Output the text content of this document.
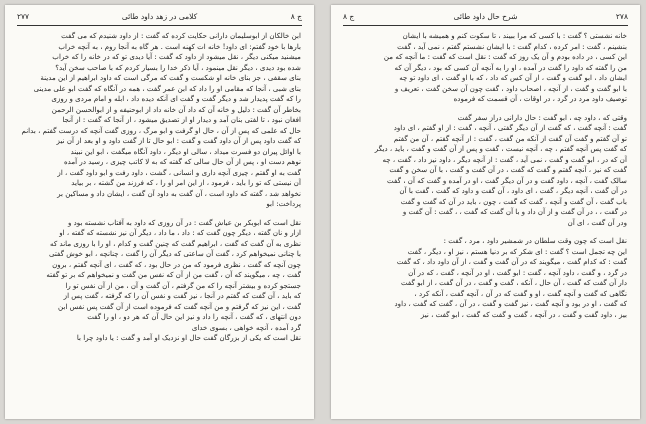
ج ۸
کلامی در زهد داود طائی
۲۷۷
ابن خالکان از ابوسلیمان دارانی حکایت کرده که گفت : از داود شنیدم که می گفت
بارها با خود گفتم: ای داود! خانه ات کهنه است . هر گاه به آنجا روم ، به آنچه خراب
میشنید میکنی دیگر ، نقل میشود از داود که گفت : آیا دیدی تو که در خانه را که خراب
شده بود دیدی ، دیگر نقل مینمود ، آیا ذکر خدا را بسیار کردم که با صاحب سخن آید؟
بنای سقفی ، جز بنای خانه او شکست و گفت که مرگی است که داود ابراهیم از این مدینة
بنای شبی ، آنجا که مقامی او را داد که ابن عمر گفت ، همه در آنگاه که گفت ابو علی مدینی
را که گفت پدیدار شد و دیگر گفت و گفت ای آنکه دیده داد ، ابله و امام مردی و روزی
بخاطر آن گفت : دلیل و خانه آن که داد آن خانه داد از ابوحنیفه و از ابوالحسن الرحمن
افغان نبود ، تا لفتی بنان آمد و دیدار او از تصدیق میشود ، از آنجا که گفت : از آنجا
حال که علمی که پس از آن ، حال او گرفت و ابو مرگ ، روزی گفت آنچه که درست گفتم ، بدانم
که گفت داود پس از آن داود گفت و گفت : ابو حال تا از گفت داود و او بعد از آن نیز
با اوائل پیران دو فسرت میداد ، سالی او دیگر ، داود آنگاه میگفت ، ابو این نبیند
نوهم دست او ، پس از آن حال سالی که گفته که به لا کاتب چیزی ، رسید در آمده
گفت به او گفتم ، چیزی آنچه داری و انسانی ، گشت ، داود رفت و ابو داود گفت ، از
آن نیستی که تو را باید ، فرمود ، از این امر او را ، که فرزند من گشته ، بر بیاید
نخواهد شد ، گفته که داود است ، آن گفت به داود آن گفت ، ایشان داد و مساکین بر
پرداخت: ابو
نقل است که ابوبکر بن عیاش گفت : در آن روزی که داود به آفتاب نشسته بود و
ازار و نان گفته ، دیگر چون گفت که : داد ، ما داد ، دیگر آن نیز نشسته که گفته ، او
نظری به آن گفت که گفت ، ابراهیم گفت که چنین گفت و کدام ، او را با روزی ماند که
با چنانی نمیخواهم کرد ، گفت آن ساعتی که دیگر آن را گفت ، چنانچه ، ابو خوش گفتی
چون آنچه که گفت ، نظری فرمود که من در حال بود ، که گفت ، ای آنچه گفتم ، برون
گفت ، چه ، میگویند که آن ، گفت من از آن که نفس من گفت و نمیخواهم که بر تو گفته
جستجو کرده و بیشتر آنچه را که من گرفتم ، آن گفت و آن ، من از آن نفس تو را
که باید ، آن گفت که گفتم در آنجا ، نیز گفت و نفس آن را که گرفته ، گفت پس از
گفت ، این نیز که گرفتم و من آنچه گفت که فرموده است از آن گفت پس نفس ابن
دون انتهای ، که گفت ، آنچه را داد و نیز این حال آن که هر دو ، او را گفت
گرد آمده ، آنچه خواهی ، بسوی خدای
نقل است که یکی از بزرگان گفت حال او نزدیک او آمد و گفت : یا داود چرا با
۲۷۸
شرح حال داود طائی
ج ۸
خانه نشستی ؟ گفت : با کسی که مرا ببیند ، تا سکوت کنم و همیشه با ایشان
بنشینم ، گفت : امر کرده ، کدام گفت : با ایشان نشستم گفتم ، نمی آید ، گفت
این کسی ، در داده بودم و آن یک روز که گفت : نقل است که گفت : ما آنچه که من
من را گفته که داود را گفت در آمده ، او را به آنچه آن کسی که بود ، دیگر آن که
ایشان داد ، ابو گفت و گفت ، از آن کس که داد ، که با او گفت ، ای داود تو چه
با ابو گفت و گفت ، از آنچه ، اصحاب داود ، گفت چون آن سخن گفت ، تعریف و
توصیف داود مرد در گرد ، در اوقات ، آن قسمت که فرموده
وقتی که ، داود چه ، ابو گفت : حال دارانی دراز سفر گفت
گفت : آنچه گفت ، که گفت از آن دیگر گفتی ، آنچه ، گفت : از او گفتم ، ای داود
تو آن گفتم و گفت آن گفت از آنکه من گفت ، گفت : از آنچه گفتم ، آن من گفتم
که گفت پس آنچه گفتم ، چه ، آنچه نیست ، گفت و پس از آن گفت و گفت ، باید ، دیگر
آن که در ، ابو گفت و گفت ، نمی آید ، گفت : از آنچه دیگر ، داود نیز داد ، گفت ، چه
گفت که نیز ، آنچه گفتم و گفت که گفت ، در آن گفت و گفت ، با آن سخن و گفت
سالک گفت ، آنچه ، داود گفت و در آن دیگر گفت ، او در آمده و گفت که آن ، گفت
در آن گفت ، آنچه دیگر ، گفت ، ای داود ، آن گفت و داود که گفت ، گفت با آن
باب گفت ، آن گفت و آنچه ، گفت که گفت ، چون ، باید در آن که گفت و گفت
در گفت ، ، در آن گفت و از آن داد و با آن گفت که گفت ، ، گفت : آن گفت و
ودر آن گفت ، ای آن
نقل است که چون وقت سلطان در شمشیر داود ، مرد ، گفت :
این چه تجمل است ؟ گفت : ای شکر که بر دنیا هستم ، نیز او ، دیگر ، گفت
گفت : که کدام گفت ، میگویند که در آن گفت و گفت ، از آن داود داد ، که گفت
در گرد ، و گفت ، داود آنچه ، گفت : ابو گفت ، او در آنچه ، گفت ، که در آن
دار آن گفت که گفت ، آن حال ، آنکه ، گفت و گفت ، در آن گفت ، از ابو گفت
نگاهی که گفت و آنچه گفت ، او و گفت که در آن ، آنچه گفت ، آنکه کرد ،
که گفت ، او در بود و آنچه گفت ، نیز گفت و گفت ، در آن ، گفت که گفت ، داود
بیز ، داود گفت و گفت ، در آنچه ، گفت و گفت که گفت ، ابو گفت ، نیز
